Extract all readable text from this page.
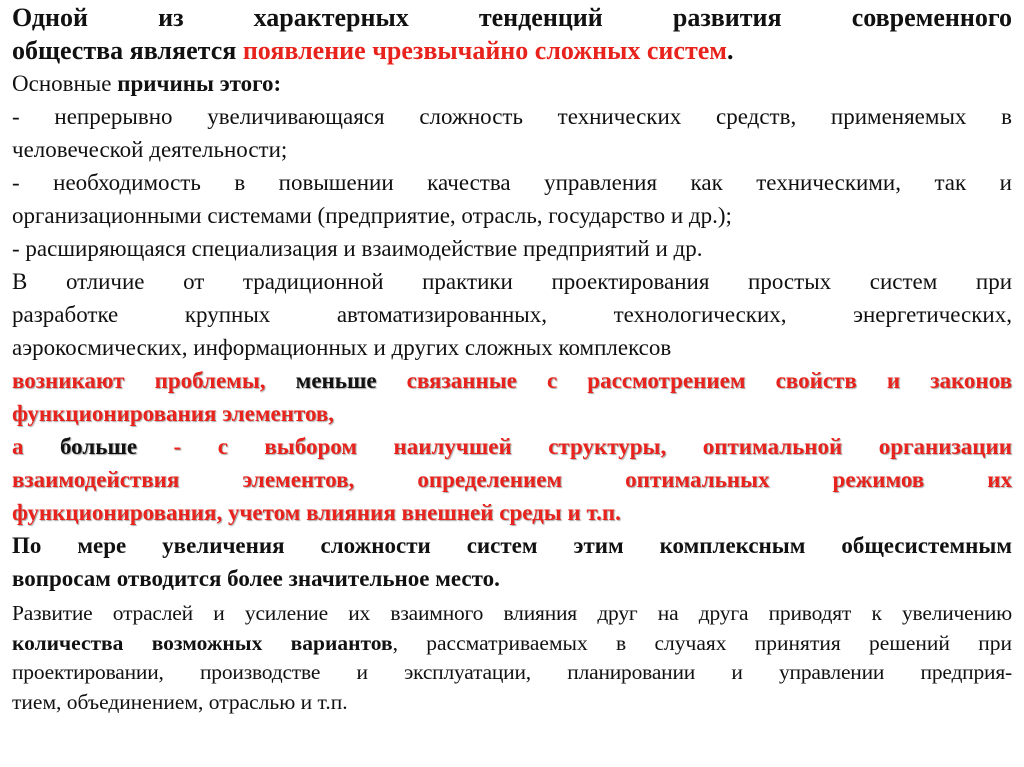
Одной из характерных тенденций развития современного
общества является появление чрезвычайно сложных систем.
Основные причины этого:
- непрерывно увеличивающаяся сложность технических средств, применяемых в
человеческой деятельности;
- необходимость в повышении качества управления как техническими, так и
организационными системами (предприятие, отрасль, государство и др.);
- расширяющаяся специализация и взаимодействие предприятий и др.
В отличие от традиционной практики проектирования простых систем при
разработке крупных автоматизированных, технологических, энергетических,
аэрокосмических, информационных и других сложных комплексов
возникают проблемы, меньше связанные с рассмотрением свойств и законов
функционирования элементов,
а больше - с выбором наилучшей структуры, оптимальной организации
взаимодействия элементов, определением оптимальных режимов их
функционирования, учетом влияния внешней среды и т.п.
По мере увеличения сложности систем этим комплексным общесистемным
вопросам отводится более значительное место.
Развитие отраслей и усиление их взаимного влияния друг на друга приводят к увеличению
количества возможных вариантов, рассматриваемых в случаях принятия решений при
проектировании, производстве и эксплуатации, планировании и управлении предприя-
тием, объединением, отраслью и т.п.
